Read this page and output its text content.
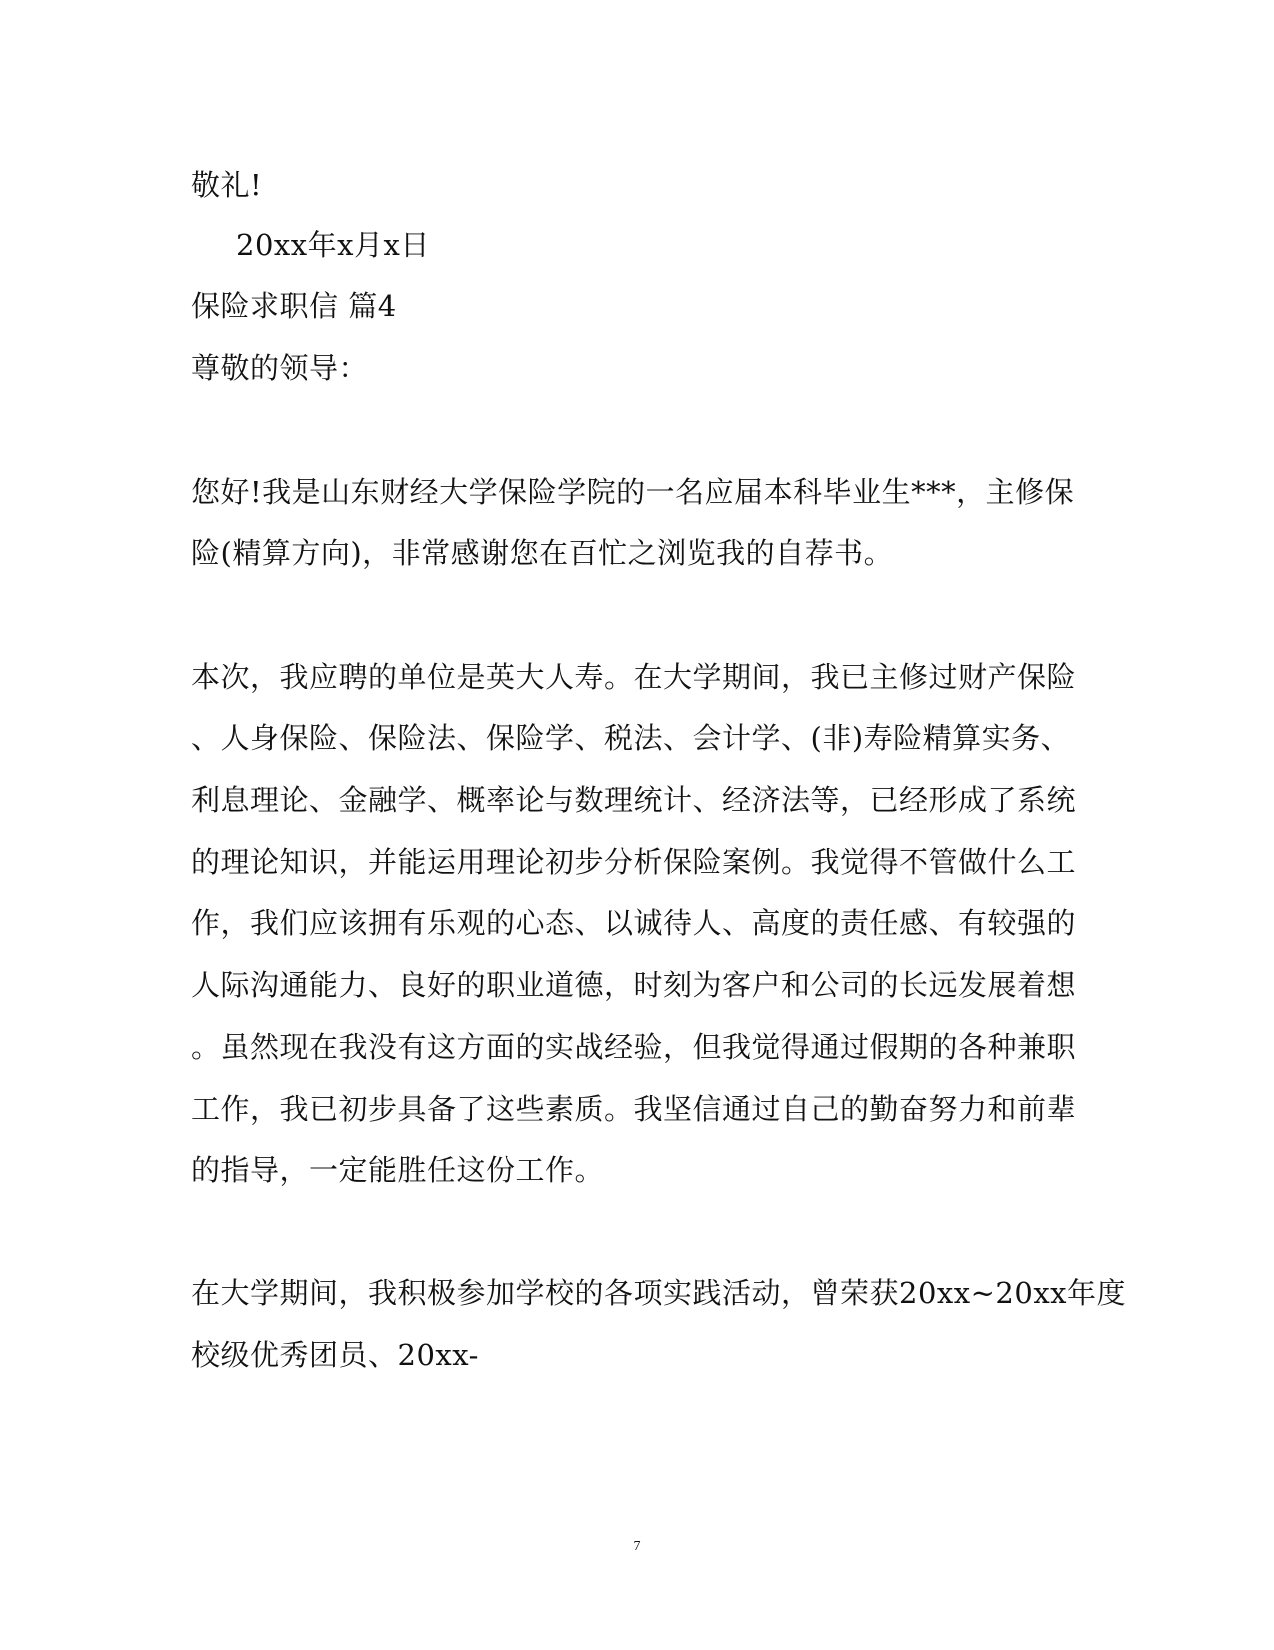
敬礼!
20xx年x月x日
保险求职信 篇4
尊敬的领导：
您好!我是山东财经大学保险学院的一名应届本科毕业生***，主修保
险(精算方向)，非常感谢您在百忙之浏览我的自荐书。
本次，我应聘的单位是英大人寿。在大学期间，我已主修过财产保险
、人身保险、保险法、保险学、税法、会计学、(非)寿险精算实务、
利息理论、金融学、概率论与数理统计、经济法等，已经形成了系统
的理论知识，并能运用理论初步分析保险案例。我觉得不管做什么工
作，我们应该拥有乐观的心态、以诚待人、高度的责任感、有较强的
人际沟通能力、良好的职业道德，时刻为客户和公司的长远发展着想
。虽然现在我没有这方面的实战经验，但我觉得通过假期的各种兼职
工作，我已初步具备了这些素质。我坚信通过自己的勤奋努力和前辈
的指导，一定能胜任这份工作。
在大学期间，我积极参加学校的各项实践活动，曾荣获20xx~20xx年度
校级优秀团员、20xx-
7
